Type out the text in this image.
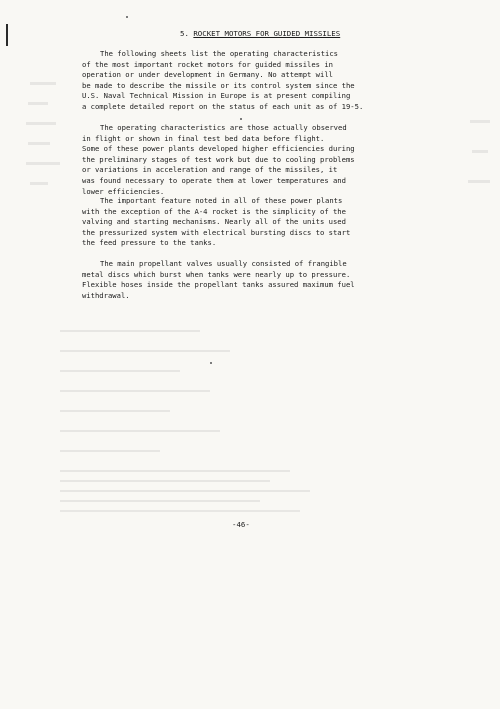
5. ROCKET MOTORS FOR GUIDED MISSILES
The following sheets list the operating characteristics
of the most important rocket motors for guided missiles in
operation or under development in Germany. No attempt will
be made to describe the missile or its control system since the
U.S. Naval Technical Mission in Europe is at present compiling
a complete detailed report on the status of each unit as of 19-5.
The operating characteristics are those actually observed
in flight or shown in final test bed data before flight.
Some of these power plants developed higher efficiencies during
the preliminary stages of test work but due to cooling problems
or variations in acceleration and range of the missiles, it
was found necessary to operate them at lower temperatures and
lower efficiencies.
The important feature noted in all of these power plants
with the exception of the A-4 rocket is the simplicity of the
valving and starting mechanisms. Nearly all of the units used
the pressurized system with electrical bursting discs to start
the feed pressure to the tanks.
The main propellant valves usually consisted of frangible
metal discs which burst when tanks were nearly up to pressure.
Flexible hoses inside the propellant tanks assured maximum fuel
withdrawal.
-46-
